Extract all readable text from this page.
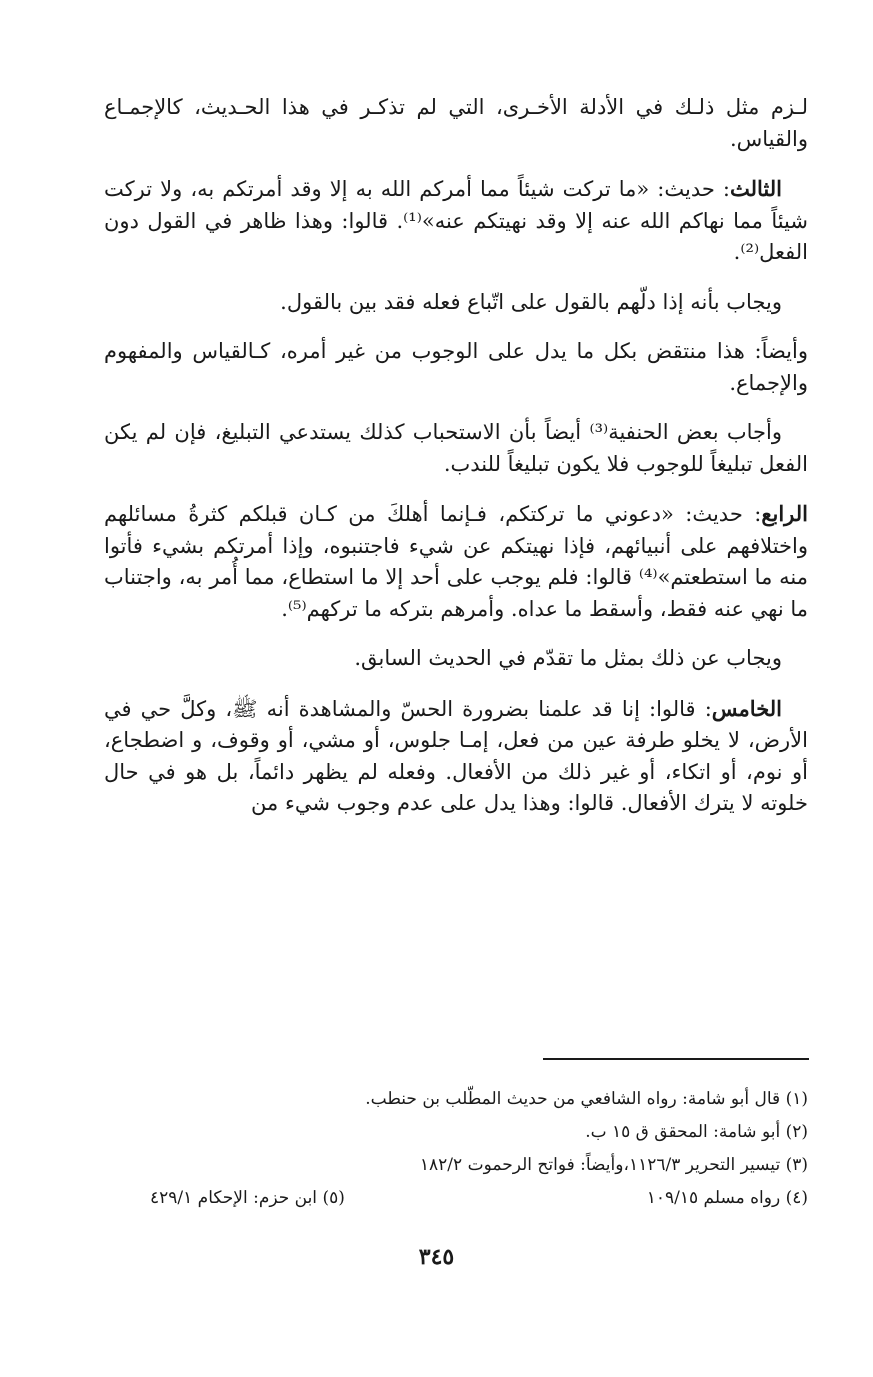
لـزم مثل ذلـك في الأدلة الأخـرى، التي لم تذكـر في هذا الحـديث، كالإجمـاع والقياس.

الثالث: حديث: «ما تركت شيئاً مما أمركم الله به إلا وقد أمرتكم به، ولا تركت شيئاً مما نهاكم الله عنه إلا وقد نهيتكم عنه»⁽¹⁾. قالوا: وهذا ظاهر في القول دون الفعل⁽²⁾.

ويجاب بأنه إذا دلّهم بالقول على اتّباع فعله فقد بين بالقول.

وأيضاً: هذا منتقض بكل ما يدل على الوجوب من غير أمره، كـالقياس والمفهوم والإجماع.

وأجاب بعض الحنفية⁽³⁾ أيضاً بأن الاستحباب كذلك يستدعي التبليغ، فإن لم يكن الفعل تبليغاً للوجوب فلا يكون تبليغاً للندب.

الرابع: حديث: «دعوني ما تركتكم، فـإنما أهلكَ من كـان قبلكم كثرةُ مسائلهم واختلافهم على أنبيائهم، فإذا نهيتكم عن شيء فاجتنبوه، وإذا أمرتكم بشيء فأتوا منه ما استطعتم»⁽⁴⁾ قالوا: فلم يوجب على أحد إلا ما استطاع، مما أُمر به، واجتناب ما نهي عنه فقط، وأسقط ما عداه. وأمرهم بتركه ما تركهم⁽⁵⁾.

ويجاب عن ذلك بمثل ما تقدّم في الحديث السابق.

الخامس: قالوا: إنا قد علمنا بضرورة الحسّ والمشاهدة أنه ﷺ، وكلَّ حي في الأرض، لا يخلو طرفة عين من فعل، إمـا جلوس، أو مشي، أو وقوف، و اضطجاع، أو نوم، أو اتكاء، أو غير ذلك من الأفعال. وفعله لم يظهر دائماً، بل هو في حال خلوته لا يترك الأفعال. قالوا: وهذا يدل على عدم وجوب شيء من

(١) قال أبو شامة: رواه الشافعي من حديث المطّلب بن حنطب.
(٢) أبو شامة: المحقق ق ١٥ ب.
(٣) تيسير التحرير ١١٢٦/٣،وأيضاً: فواتح الرحموت ١٨٢/٢
(٤) رواه مسلم ١٠٩/١٥
(٥) ابن حزم: الإحكام ٤٢٩/١
٣٤٥
